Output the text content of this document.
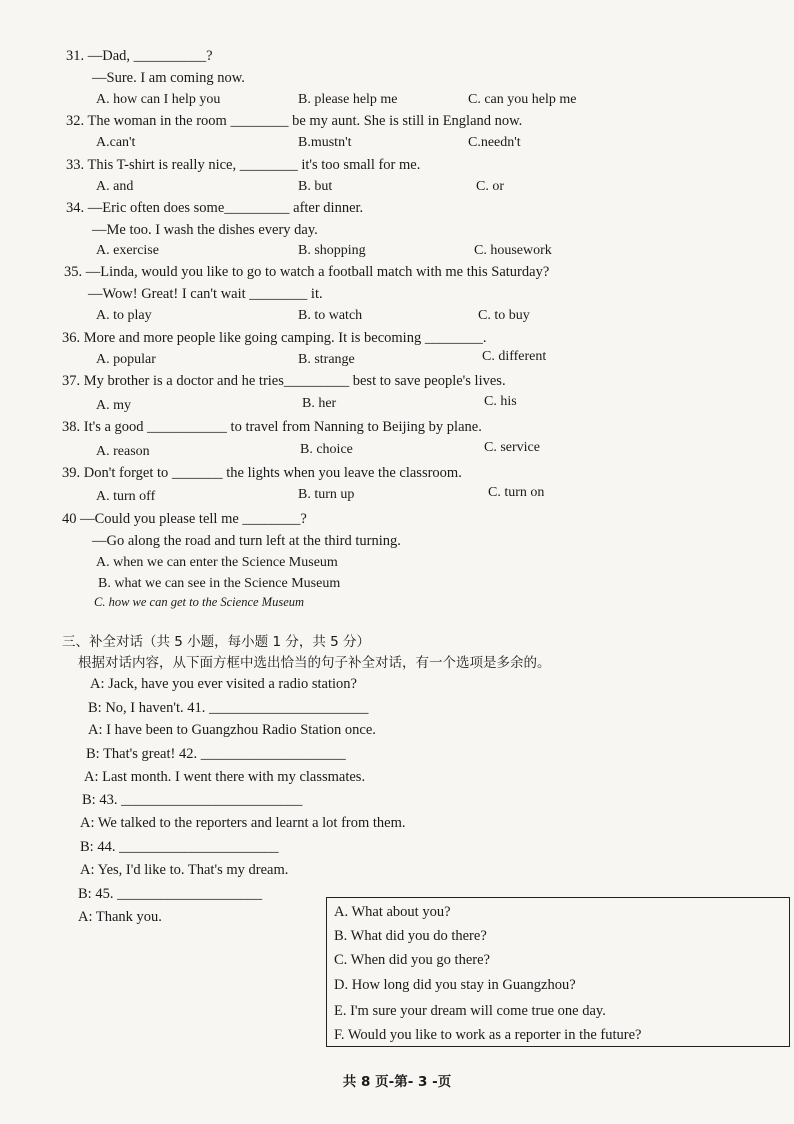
31. —Dad, __________?
—Sure. I am coming now.
A. how can I help you	B. please help me	C. can you help me
32. The woman in the room ________ be my aunt. She is still in England now.
A.can't	B.mustn't	C.needn't
33. This T-shirt is really nice, ________ it's too small for me.
A. and	B. but	C. or
34. —Eric often does some_________ after dinner.
—Me too. I wash the dishes every day.
A. exercise	B. shopping	C. housework
35. —Linda, would you like to go to watch a football match with me this Saturday?
—Wow! Great! I can't wait ________ it.
A. to play	B. to watch	C. to buy
36. More and more people like going camping. It is becoming ________.
A. popular	B. strange	C. different
37. My brother is a doctor and he tries_________ best to save people's lives.
A. my	B. her	C. his
38. It's a good ___________ to travel from Nanning to Beijing by plane.
A. reason	B. choice	C. service
39. Don't forget to _______ the lights when you leave the classroom.
A. turn off	B. turn up	C. turn on
40 —Could you please tell me ________?
—Go along the road and turn left at the third turning.
A. when we can enter the Science Museum
B. what we can see in the Science Museum
C. how we can get to the Science Museum
三、补全对话（共 5 小题，每小题 1 分，共 5 分）
根据对话内容，从下面方框中选出恰当的句子补全对话，有一个选项是多余的。
A: Jack, have you ever visited a radio station?
B: No, I haven't. 41. ______________________
A: I have been to Guangzhou Radio Station once.
B: That's great! 42. ____________________
A: Last month. I went there with my classmates.
B: 43. _________________________
A: We talked to the reporters and learnt a lot from them.
B: 44. ______________________
A: Yes, I'd like to. That's my dream.
B: 45. ____________________
A: Thank you.	A. What about you?
B. What did you do there?
C. When did you go there?
D. How long did you stay in Guangzhou?
E. I'm sure your dream will come true one day.
F. Would you like to work as a reporter in the future?
共 8 页-第- 3 -页
